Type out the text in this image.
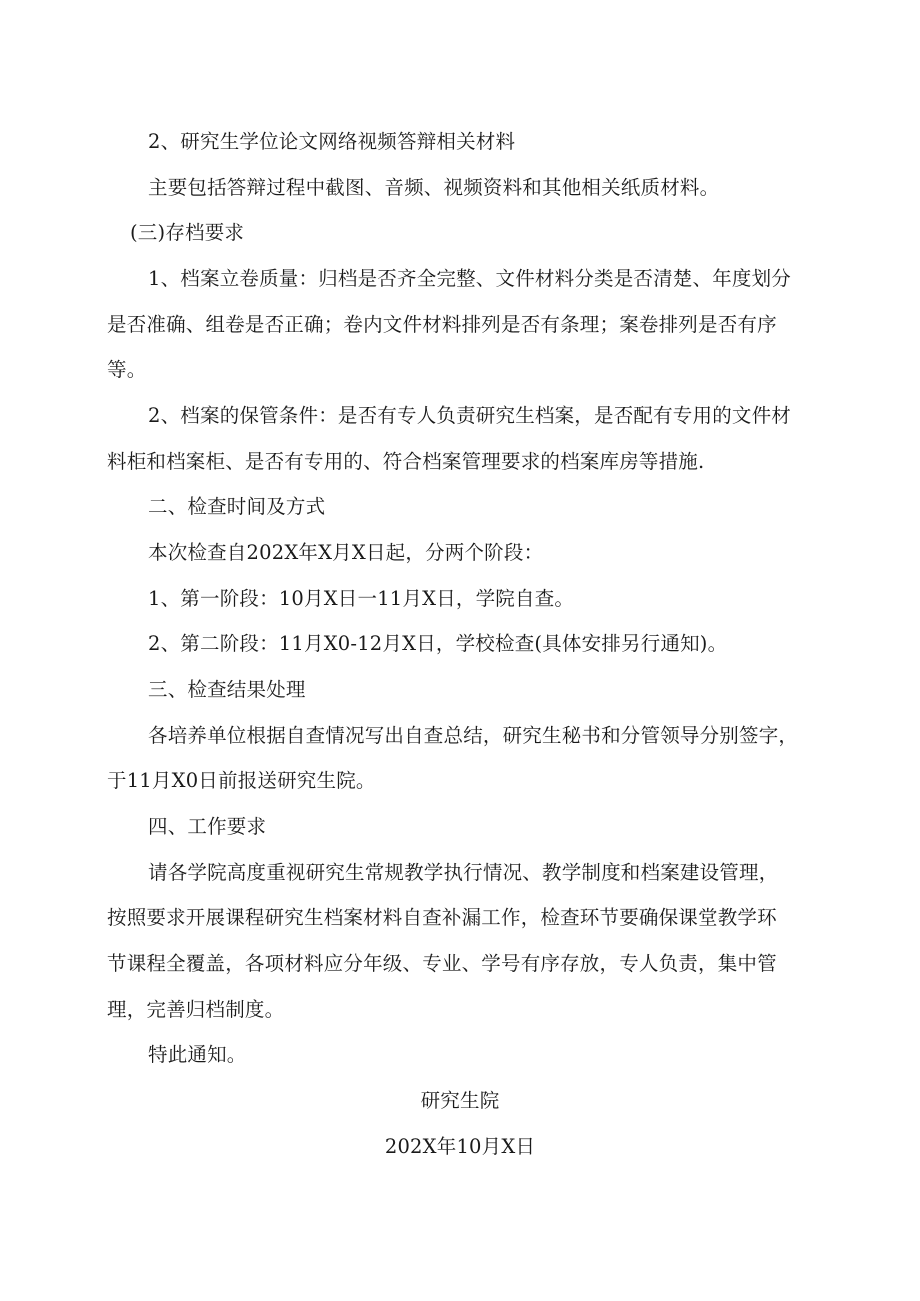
2、研究生学位论文网络视频答辩相关材料
主要包括答辩过程中截图、音频、视频资料和其他相关纸质材料。
(三)存档要求
1、档案立卷质量：归档是否齐全完整、文件材料分类是否清楚、年度划分
是否准确、组卷是否正确；卷内文件材料排列是否有条理；案卷排列是否有序
等。
2、档案的保管条件：是否有专人负责研究生档案，是否配有专用的文件材
料柜和档案柜、是否有专用的、符合档案管理要求的档案库房等措施.
二、检查时间及方式
本次检查自202X年X月X日起，分两个阶段：
1、第一阶段：10月X日一11月X日，学院自查。
2、第二阶段：11月X0-12月X日，学校检查(具体安排另行通知)。
三、检查结果处理
各培养单位根据自查情况写出自查总结，研究生秘书和分管领导分别签字，
于11月X0日前报送研究生院。
四、工作要求
请各学院高度重视研究生常规教学执行情况、教学制度和档案建设管理，
按照要求开展课程研究生档案材料自查补漏工作，检查环节要确保课堂教学环
节课程全覆盖，各项材料应分年级、专业、学号有序存放，专人负责，集中管
理，完善归档制度。
特此通知。
研究生院
202X年10月X日
